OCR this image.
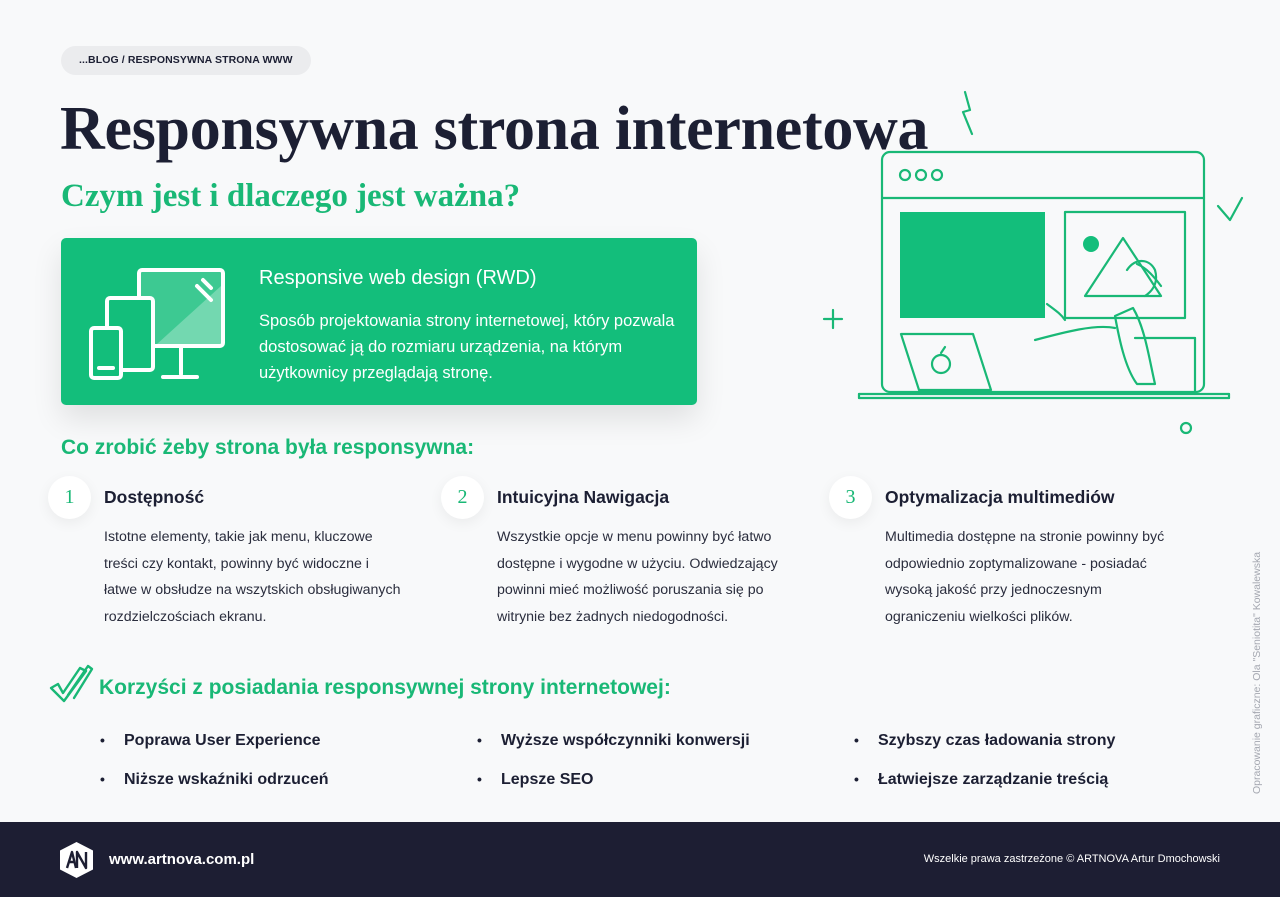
...BLOG / RESPONSYWNA STRONA WWW
Responsywna strona internetowa
Czym jest i dlaczego jest ważna?
Responsive web design (RWD)
Sposób projektowania strony internetowej, który pozwala dostosować ją do rozmiaru urządzenia, na którym użytkownicy przeglądają stronę.
Co zrobić żeby strona była responsywna:
1	Dostępność
Istotne elementy, takie jak menu, kluczowe treści czy kontakt, powinny być widoczne i łatwe w obsłudze na wszytskich obsługiwanych rozdzielczościach ekranu.
2	Intuicyjna Nawigacja
Wszystkie opcje w menu powinny być łatwo dostępne i wygodne w użyciu. Odwiedzający powinni mieć możliwość poruszania się po witrynie bez żadnych niedogodności.
3	Optymalizacja multimediów
Multimedia dostępne na stronie powinny być odpowiednio zoptymalizowane - posiadać wysoką jakość przy jednoczesnym ograniczeniu wielkości plików.
Korzyści z posiadania responsywnej strony internetowej:
• Poprawa User Experience	• Wyższe współczynniki konwersji	• Szybszy czas ładowania strony
• Niższe wskaźniki odrzuceń	• Lepsze SEO	• Łatwiejsze zarządzanie treścią	Opracowanie graficzne: Ola "Seniotita" Kowalewska
www.artnova.com.pl	Wszelkie prawa zastrzeżone © ARTNOVA Artur Dmochowski
